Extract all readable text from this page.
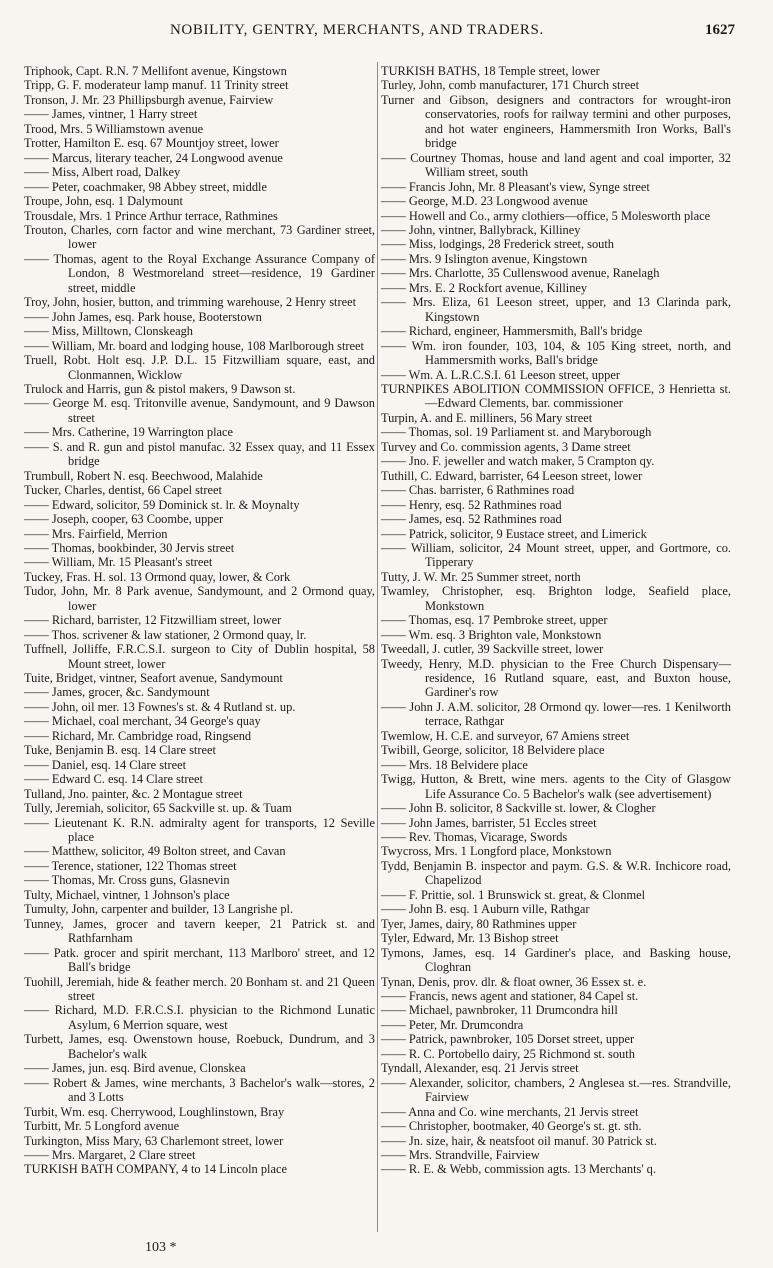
NOBILITY, GENTRY, MERCHANTS, AND TRADERS.	1627
Triphook, Capt. R.N. 7 Mellifont avenue, Kingstown
Tripp, G. F. moderateur lamp manuf. 11 Trinity street
Tronson, J. Mr. 23 Phillipsburgh avenue, Fairview
—— James, vintner, 1 Harry street
Trood, Mrs. 5 Williamstown avenue
Trotter, Hamilton E. esq. 67 Mountjoy street, lower
—— Marcus, literary teacher, 24 Longwood avenue
—— Miss, Albert road, Dalkey
—— Peter, coachmaker, 98 Abbey street, middle
Troupe, John, esq. 1 Dalymount
Trousdale, Mrs. 1 Prince Arthur terrace, Rathmines
Trouton, Charles, corn factor and wine merchant, 73 Gardiner street, lower
—— Thomas, agent to the Royal Exchange Assurance Company of London, 8 Westmoreland street—residence, 19 Gardiner street, middle
Troy, John, hosier, button, and trimming warehouse, 2 Henry street
—— John James, esq. Park house, Booterstown
—— Miss, Milltown, Clonskeagh
—— William, Mr. board and lodging house, 108 Marlborough street
Truell, Robt. Holt esq. J.P. D.L. 15 Fitzwilliam square, east, and Clonmannen, Wicklow
Trulock and Harris, gun & pistol makers, 9 Dawson st.
—— George M. esq. Tritonville avenue, Sandymount, and 9 Dawson street
—— Mrs. Catherine, 19 Warrington place
—— S. and R. gun and pistol manufac. 32 Essex quay, and 11 Essex bridge
Trumbull, Robert N. esq. Beechwood, Malahide
Tucker, Charles, dentist, 66 Capel street
—— Edward, solicitor, 59 Dominick st. lr. & Moynalty
—— Joseph, cooper, 63 Coombe, upper
—— Mrs. Fairfield, Merrion
—— Thomas, bookbinder, 30 Jervis street
—— William, Mr. 15 Pleasant's street
Tuckey, Fras. H. sol. 13 Ormond quay, lower, & Cork
Tudor, John, Mr. 8 Park avenue, Sandymount, and 2 Ormond quay, lower
—— Richard, barrister, 12 Fitzwilliam street, lower
—— Thos. scrivener & law stationer, 2 Ormond quay, lr.
Tuffnell, Jolliffe, F.R.C.S.I. surgeon to City of Dublin hospital, 58 Mount street, lower
Tuite, Bridget, vintner, Seafort avenue, Sandymount
—— James, grocer, &c. Sandymount
—— John, oil mer. 13 Fownes's st. & 4 Rutland st. up.
—— Michael, coal merchant, 34 George's quay
—— Richard, Mr. Cambridge road, Ringsend
Tuke, Benjamin B. esq. 14 Clare street
—— Daniel, esq. 14 Clare street
—— Edward C. esq. 14 Clare street
Tulland, Jno. painter, &c. 2 Montague street
Tully, Jeremiah, solicitor, 65 Sackville st. up. & Tuam
—— Lieutenant K. R.N. admiralty agent for transports, 12 Seville place
—— Matthew, solicitor, 49 Bolton street, and Cavan
—— Terence, stationer, 122 Thomas street
—— Thomas, Mr. Cross guns, Glasnevin
Tulty, Michael, vintner, 1 Johnson's place
Tumulty, John, carpenter and builder, 13 Langrishe pl.
Tunney, James, grocer and tavern keeper, 21 Patrick st. and Rathfarnham
—— Patk. grocer and spirit merchant, 113 Marlboro' street, and 12 Ball's bridge
Tuohill, Jeremiah, hide & feather merch. 20 Bonham st. and 21 Queen street
—— Richard, M.D. F.R.C.S.I. physician to the Richmond Lunatic Asylum, 6 Merrion square, west
Turbett, James, esq. Owenstown house, Roebuck, Dundrum, and 3 Bachelor's walk
—— James, jun. esq. Bird avenue, Clonskea
—— Robert & James, wine merchants, 3 Bachelor's walk—stores, 2 and 3 Lotts
Turbit, Wm. esq. Cherrywood, Loughlinstown, Bray
Turbitt, Mr. 5 Longford avenue
Turkington, Miss Mary, 63 Charlemont street, lower
—— Mrs. Margaret, 2 Clare street
TURKISH BATH COMPANY, 4 to 14 Lincoln place
TURKISH BATHS, 18 Temple street, lower
Turley, John, comb manufacturer, 171 Church street
Turner and Gibson, designers and contractors for wrought-iron conservatories, roofs for railway termini and other purposes, and hot water engineers, Hammersmith Iron Works, Ball's bridge
—— Courtney Thomas, house and land agent and coal importer, 32 William street, south
—— Francis John, Mr. 8 Pleasant's view, Synge street
—— George, M.D. 23 Longwood avenue
—— Howell and Co., army clothiers—office, 5 Molesworth place
—— John, vintner, Ballybrack, Killiney
—— Miss, lodgings, 28 Frederick street, south
—— Mrs. 9 Islington avenue, Kingstown
—— Mrs. Charlotte, 35 Cullenswood avenue, Ranelagh
—— Mrs. E. 2 Rockfort avenue, Killiney
—— Mrs. Eliza, 61 Leeson street, upper, and 13 Clarinda park, Kingstown
—— Richard, engineer, Hammersmith, Ball's bridge
—— Wm. iron founder, 103, 104, & 105 King street, north, and Hammersmith works, Ball's bridge
—— Wm. A. L.R.C.S.I. 61 Leeson street, upper
TURNPIKES ABOLITION COMMISSION OFFICE, 3 Henrietta st.—Edward Clements, bar. commissioner
Turpin, A. and E. milliners, 56 Mary street
—— Thomas, sol. 19 Parliament st. and Maryborough
Turvey and Co. commission agents, 3 Dame street
—— Jno. F. jeweller and watch maker, 5 Crampton qy.
Tuthill, C. Edward, barrister, 64 Leeson street, lower
—— Chas. barrister, 6 Rathmines road
—— Henry, esq. 52 Rathmines road
—— James, esq. 52 Rathmines road
—— Patrick, solicitor, 9 Eustace street, and Limerick
—— William, solicitor, 24 Mount street, upper, and Gortmore, co. Tipperary
Tutty, J. W. Mr. 25 Summer street, north
Twamley, Christopher, esq. Brighton lodge, Seafield place, Monkstown
—— Thomas, esq. 17 Pembroke street, upper
—— Wm. esq. 3 Brighton vale, Monkstown
Tweedall, J. cutler, 39 Sackville street, lower
Tweedy, Henry, M.D. physician to the Free Church Dispensary—residence, 16 Rutland square, east, and Buxton house, Gardiner's row
—— John J. A.M. solicitor, 28 Ormond qy. lower—res. 1 Kenilworth terrace, Rathgar
Twemlow, H. C.E. and surveyor, 67 Amiens street
Twibill, George, solicitor, 18 Belvidere place
—— Mrs. 18 Belvidere place
Twigg, Hutton, & Brett, wine mers. agents to the City of Glasgow Life Assurance Co. 5 Bachelor's walk (see advertisement)
—— John B. solicitor, 8 Sackville st. lower, & Clogher
—— John James, barrister, 51 Eccles street
—— Rev. Thomas, Vicarage, Swords
Twycross, Mrs. 1 Longford place, Monkstown
Tydd, Benjamin B. inspector and paym. G.S. & W.R. Inchicore road, Chapelizod
—— F. Prittie, sol. 1 Brunswick st. great, & Clonmel
—— John B. esq. 1 Auburn ville, Rathgar
Tyer, James, dairy, 80 Rathmines upper
Tyler, Edward, Mr. 13 Bishop street
Tymons, James, esq. 14 Gardiner's place, and Basking house, Cloghran
Tynan, Denis, prov. dlr. & float owner, 36 Essex st. e.
—— Francis, news agent and stationer, 84 Capel st.
—— Michael, pawnbroker, 11 Drumcondra hill
—— Peter, Mr. Drumcondra
—— Patrick, pawnbroker, 105 Dorset street, upper
—— R. C. Portobello dairy, 25 Richmond st. south
Tyndall, Alexander, esq. 21 Jervis street
—— Alexander, solicitor, chambers, 2 Anglesea st.—res. Strandville, Fairview
—— Anna and Co. wine merchants, 21 Jervis street
—— Christopher, bootmaker, 40 George's st. gt. sth.
—— Jn. size, hair, & neatsfoot oil manuf. 30 Patrick st.
—— Mrs. Strandville, Fairview
—— R. E. & Webb, commission agts. 13 Merchants' q.
103 *
